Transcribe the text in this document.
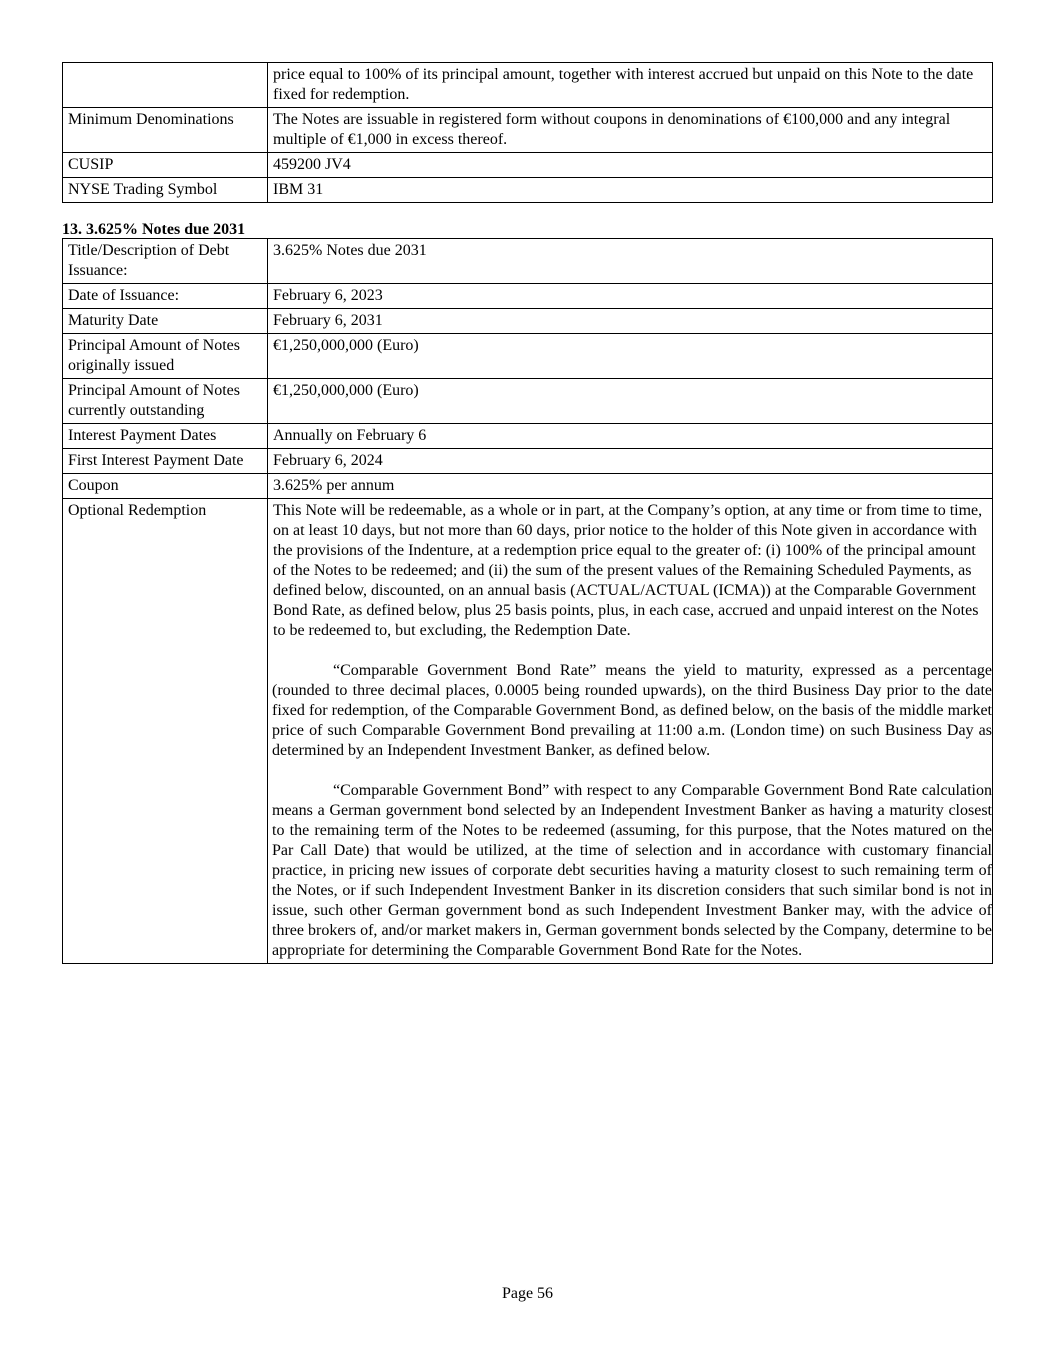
	price equal to 100% of its principal amount, together with interest accrued but unpaid on this Note to the date fixed for redemption.
Minimum Denominations	The Notes are issuable in registered form without coupons in denominations of €100,000 and any integral multiple of €1,000 in excess thereof.
CUSIP	459200 JV4
NYSE Trading Symbol	IBM 31

13. 3.625% Notes due 2031

Title/Description of Debt Issuance:	3.625% Notes due 2031
Date of Issuance:	February 6, 2023
Maturity Date	February 6, 2031
Principal Amount of Notes originally issued	€1,250,000,000 (Euro)
Principal Amount of Notes currently outstanding	€1,250,000,000 (Euro)
Interest Payment Dates	Annually on February 6
First Interest Payment Date	February 6, 2024
Coupon	3.625% per annum
Optional Redemption	This Note will be redeemable, as a whole or in part, at the Company’s option, at any time or from time to time, on at least 10 days, but not more than 60 days, prior notice to the holder of this Note given in accordance with the provisions of the Indenture, at a redemption price equal to the greater of: (i) 100% of the principal amount of the Notes to be redeemed; and (ii) the sum of the present values of the Remaining Scheduled Payments, as defined below, discounted, on an annual basis (ACTUAL/ACTUAL (ICMA)) at the Comparable Government Bond Rate, as defined below, plus 25 basis points, plus, in each case, accrued and unpaid interest on the Notes to be redeemed to, but excluding, the Redemption Date.

“Comparable Government Bond Rate” means the yield to maturity, expressed as a percentage (rounded to three decimal places, 0.0005 being rounded upwards), on the third Business Day prior to the date fixed for redemption, of the Comparable Government Bond, as defined below, on the basis of the middle market price of such Comparable Government Bond prevailing at 11:00 a.m. (London time) on such Business Day as determined by an Independent Investment Banker, as defined below.

“Comparable Government Bond” with respect to any Comparable Government Bond Rate calculation means a German government bond selected by an Independent Investment Banker as having a maturity closest to the remaining term of the Notes to be redeemed (assuming, for this purpose, that the Notes matured on the Par Call Date) that would be utilized, at the time of selection and in accordance with customary financial practice, in pricing new issues of corporate debt securities having a maturity closest to such remaining term of the Notes, or if such Independent Investment Banker in its discretion considers that such similar bond is not in issue, such other German government bond as such Independent Investment Banker may, with the advice of three brokers of, and/or market makers in, German government bonds selected by the Company, determine to be appropriate for determining the Comparable Government Bond Rate for the Notes.

Page 56
